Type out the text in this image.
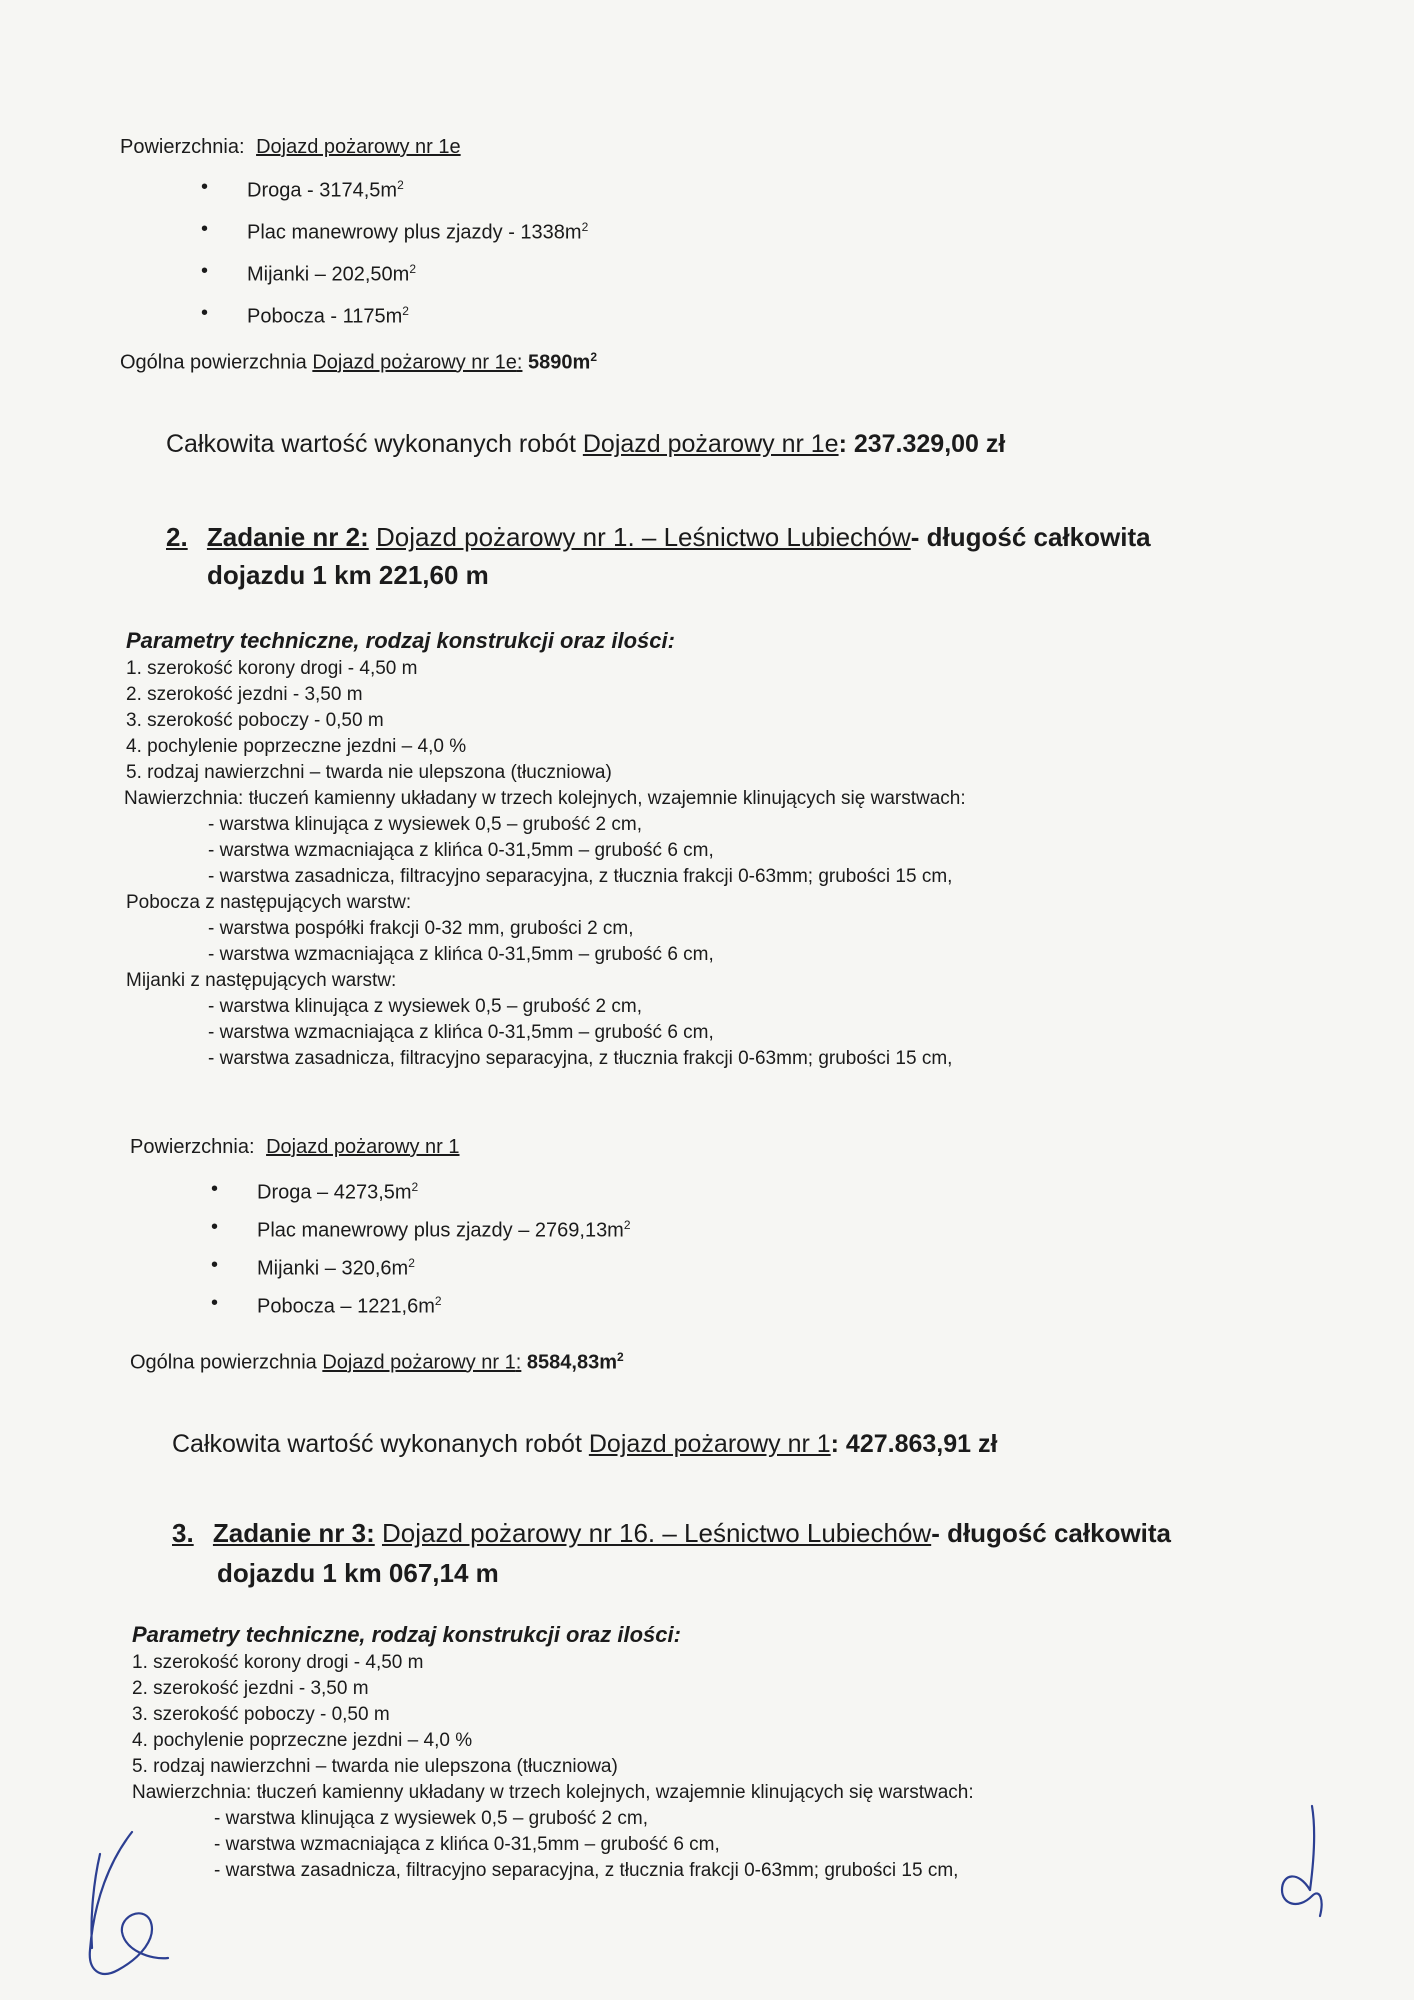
Powierzchnia: Dojazd pożarowy nr 1e
• Droga - $3174,5m^2$
• Plac manewrowy plus zjazdy - $1338m^2$
• Mijanki – $202,50m^2$
• Pobocza - $1175m^2$
Ogólna powierzchnia Dojazd pożarowy nr 1e: $5890m^2$
Całkowita wartość wykonanych robót Dojazd pożarowy nr 1e: 237.329,00 zł
2. Zadanie nr 2: Dojazd pożarowy nr 1. – Leśnictwo Lubiechów- długość całkowita
dojazdu 1 km 221,60 m
Parametry techniczne, rodzaj konstrukcji oraz ilości:
1. szerokość korony drogi - 4,50 m
2. szerokość jezdni - 3,50 m
3. szerokość poboczy - 0,50 m
4. pochylenie poprzeczne jezdni – 4,0 %
5. rodzaj nawierzchni – twarda nie ulepszona (tłuczniowa)
Nawierzchnia: tłuczeń kamienny układany w trzech kolejnych, wzajemnie klinujących się warstwach:
- warstwa klinująca z wysiewek 0,5 – grubość 2 cm,
- warstwa wzmacniająca z klińca 0-31,5mm – grubość 6 cm,
- warstwa zasadnicza, filtracyjno separacyjna, z tłucznia frakcji 0-63mm; grubości 15 cm,
Pobocza z następujących warstw:
- warstwa pospółki frakcji 0-32 mm, grubości 2 cm,
- warstwa wzmacniająca z klińca 0-31,5mm – grubość 6 cm,
Mijanki z następujących warstw:
- warstwa klinująca z wysiewek 0,5 – grubość 2 cm,
- warstwa wzmacniająca z klińca 0-31,5mm – grubość 6 cm,
- warstwa zasadnicza, filtracyjno separacyjna, z tłucznia frakcji 0-63mm; grubości 15 cm,
Powierzchnia: Dojazd pożarowy nr 1
• Droga – $4273,5m^2$
• Plac manewrowy plus zjazdy – $2769,13m^2$
• Mijanki – $320,6m^2$
• Pobocza – $1221,6m^2$
Ogólna powierzchnia Dojazd pożarowy nr 1: $8584,83m^2$
Całkowita wartość wykonanych robót Dojazd pożarowy nr 1: 427.863,91 zł
3. Zadanie nr 3: Dojazd pożarowy nr 16. – Leśnictwo Lubiechów- długość całkowita
dojazdu 1 km 067,14 m
Parametry techniczne, rodzaj konstrukcji oraz ilości:
1. szerokość korony drogi - 4,50 m
2. szerokość jezdni - 3,50 m
3. szerokość poboczy - 0,50 m
4. pochylenie poprzeczne jezdni – 4,0 %
5. rodzaj nawierzchni – twarda nie ulepszona (tłuczniowa)
Nawierzchnia: tłuczeń kamienny układany w trzech kolejnych, wzajemnie klinujących się warstwach:
- warstwa klinująca z wysiewek 0,5 – grubość 2 cm,
- warstwa wzmacniająca z klińca 0-31,5mm – grubość 6 cm,
- warstwa zasadnicza, filtracyjno separacyjna, z tłucznia frakcji 0-63mm; grubości 15 cm,
